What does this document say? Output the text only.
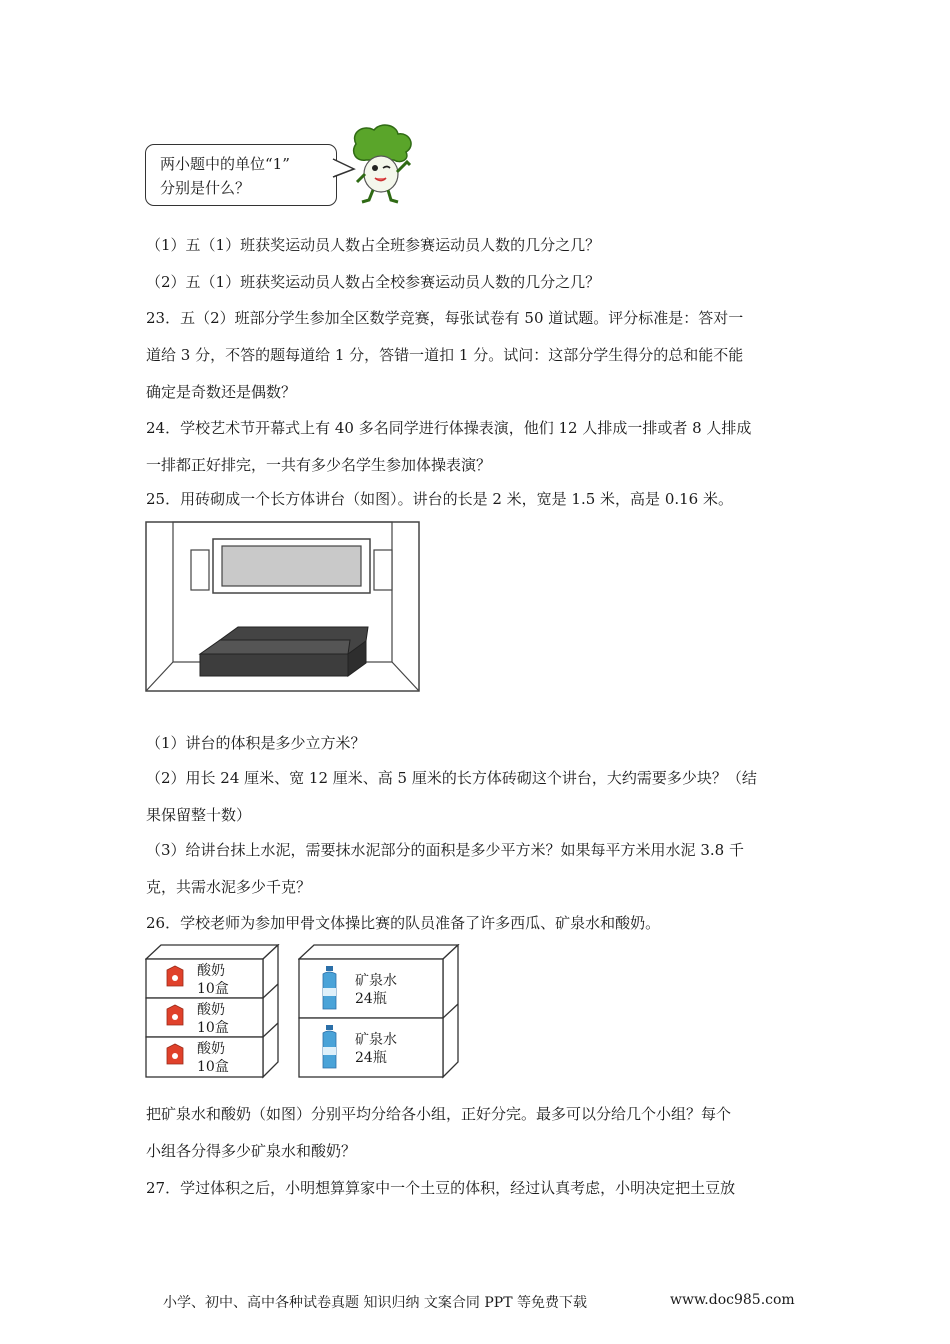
两小题中的单位“1”
分别是什么？
（1）五（1）班获奖运动员人数占全班参赛运动员人数的几分之几？
（2）五（1）班获奖运动员人数占全校参赛运动员人数的几分之几？
23．五（2）班部分学生参加全区数学竞赛，每张试卷有 50 道试题。评分标准是：答对一
道给 3 分，不答的题每道给 1 分，答错一道扣 1 分。试问：这部分学生得分的总和能不能
确定是奇数还是偶数？
24．学校艺术节开幕式上有 40 多名同学进行体操表演，他们 12 人排成一排或者 8 人排成
一排都正好排完，一共有多少名学生参加体操表演？
25．用砖砌成一个长方体讲台（如图）。讲台的长是 2 米，宽是 1.5 米，高是 0.16 米。
（1）讲台的体积是多少立方米？
（2）用长 24 厘米、宽 12 厘米、高 5 厘米的长方体砖砌这个讲台，大约需要多少块？（结
果保留整十数）
（3）给讲台抹上水泥，需要抹水泥部分的面积是多少平方米？如果每平方米用水泥 3.8 千
克，共需水泥多少千克？
26．学校老师为参加甲骨文体操比赛的队员准备了许多西瓜、矿泉水和酸奶。
酸奶
10盒
酸奶
10盒
酸奶
10盒
矿泉水
24瓶
矿泉水
24瓶
把矿泉水和酸奶（如图）分别平均分给各小组，正好分完。最多可以分给几个小组？每个
小组各分得多少矿泉水和酸奶？
27．学过体积之后，小明想算算家中一个土豆的体积，经过认真考虑，小明决定把土豆放
小学、初中、高中各种试卷真题 知识归纳 文案合同 PPT 等免费下载	www.doc985.com
